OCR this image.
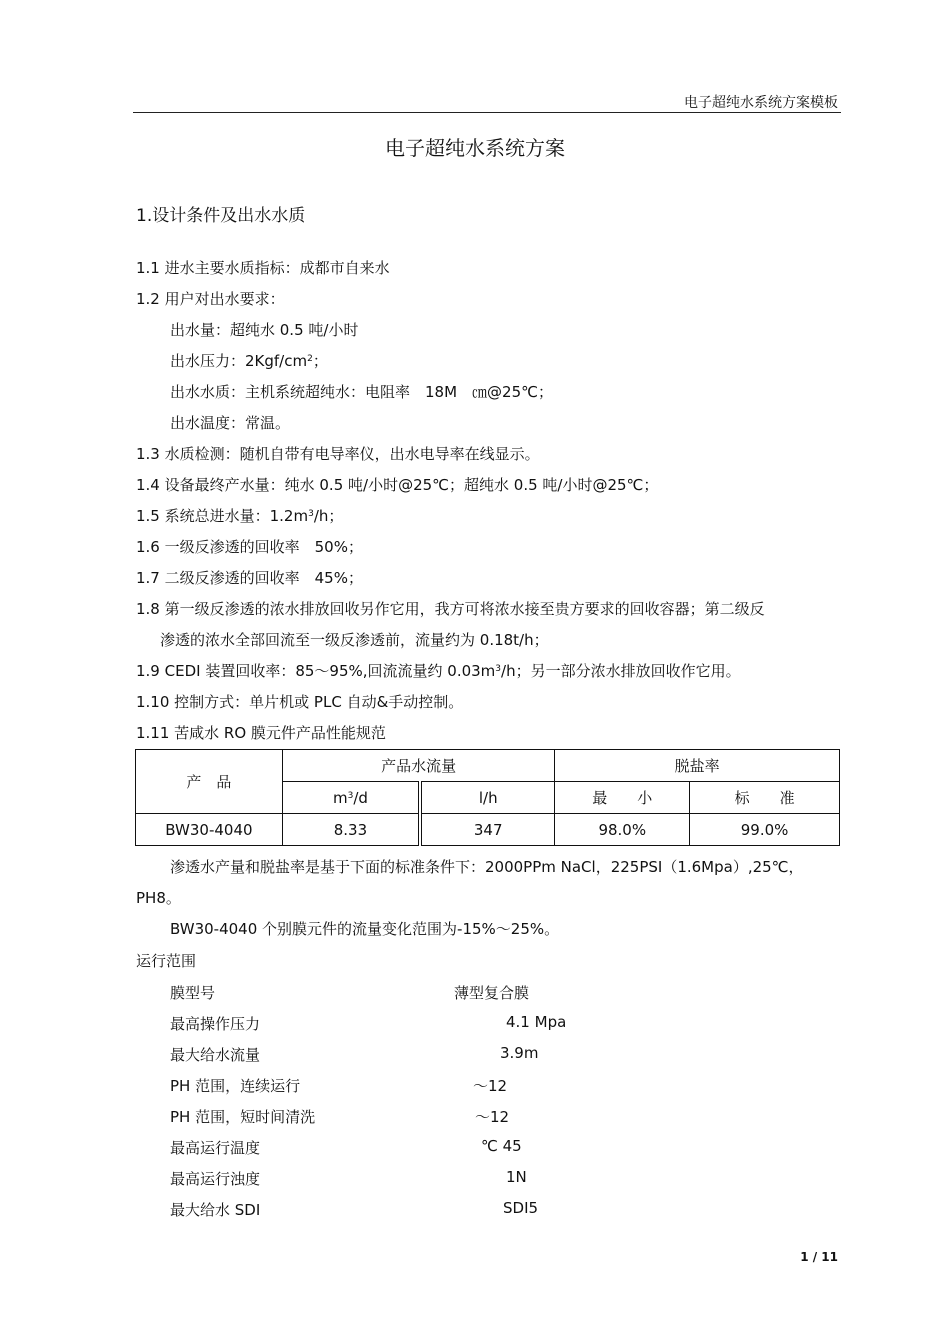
电子超纯水系统方案模板
电子超纯水系统方案
1.设计条件及出水水质
1.1 进水主要水质指标：成都市自来水
1.2 用户对出水要求：
出水量：超纯水 0.5 吨/小时
出水压力：$2Kgf/cm^2$；
出水水质：主机系统超纯水：电阻率　18M　㎝@25℃；
出水温度：常温。
1.3 水质检测：随机自带有电导率仪，出水电导率在线显示。
1.4 设备最终产水量：纯水 0.5 吨/小时@25℃；超纯水 0.5 吨/小时@25℃；
1.5 系统总进水量：$1.2m^3/h$；
1.6 一级反渗透的回收率　50%；
1.7 二级反渗透的回收率　45%；
1.8 第一级反渗透的浓水排放回收另作它用，我方可将浓水接至贵方要求的回收容器；第二级反
渗透的浓水全部回流至一级反渗透前，流量约为 0.18t/h；
1.9 CEDI 装置回收率：85～95%,回流流量约 $0.03m^3/h$；另一部分浓水排放回收作它用。
1.10 控制方式：单片机或 PLC 自动&手动控制。
1.11 苦咸水 RO 膜元件产品性能规范
产　品	产品水流量		脱盐率	
	$m^3/d$	l/h	最　　小	标　　准
BW30-4040	8.33	347	98.0%	99.0%
渗透水产量和脱盐率是基于下面的标准条件下：2000PPm NaCl，225PSI（1.6Mpa）,25℃，
PH8。
BW30-4040 个别膜元件的流量变化范围为-15%～25%。
运行范围
膜型号	薄型复合膜
最高操作压力	4.1 Mpa
最大给水流量	3.9m
PH 范围，连续运行	～12
PH 范围，短时间清洗	～12
最高运行温度	℃ 45
最高运行浊度	1N
最大给水 SDI	SDI5
1 / 11
